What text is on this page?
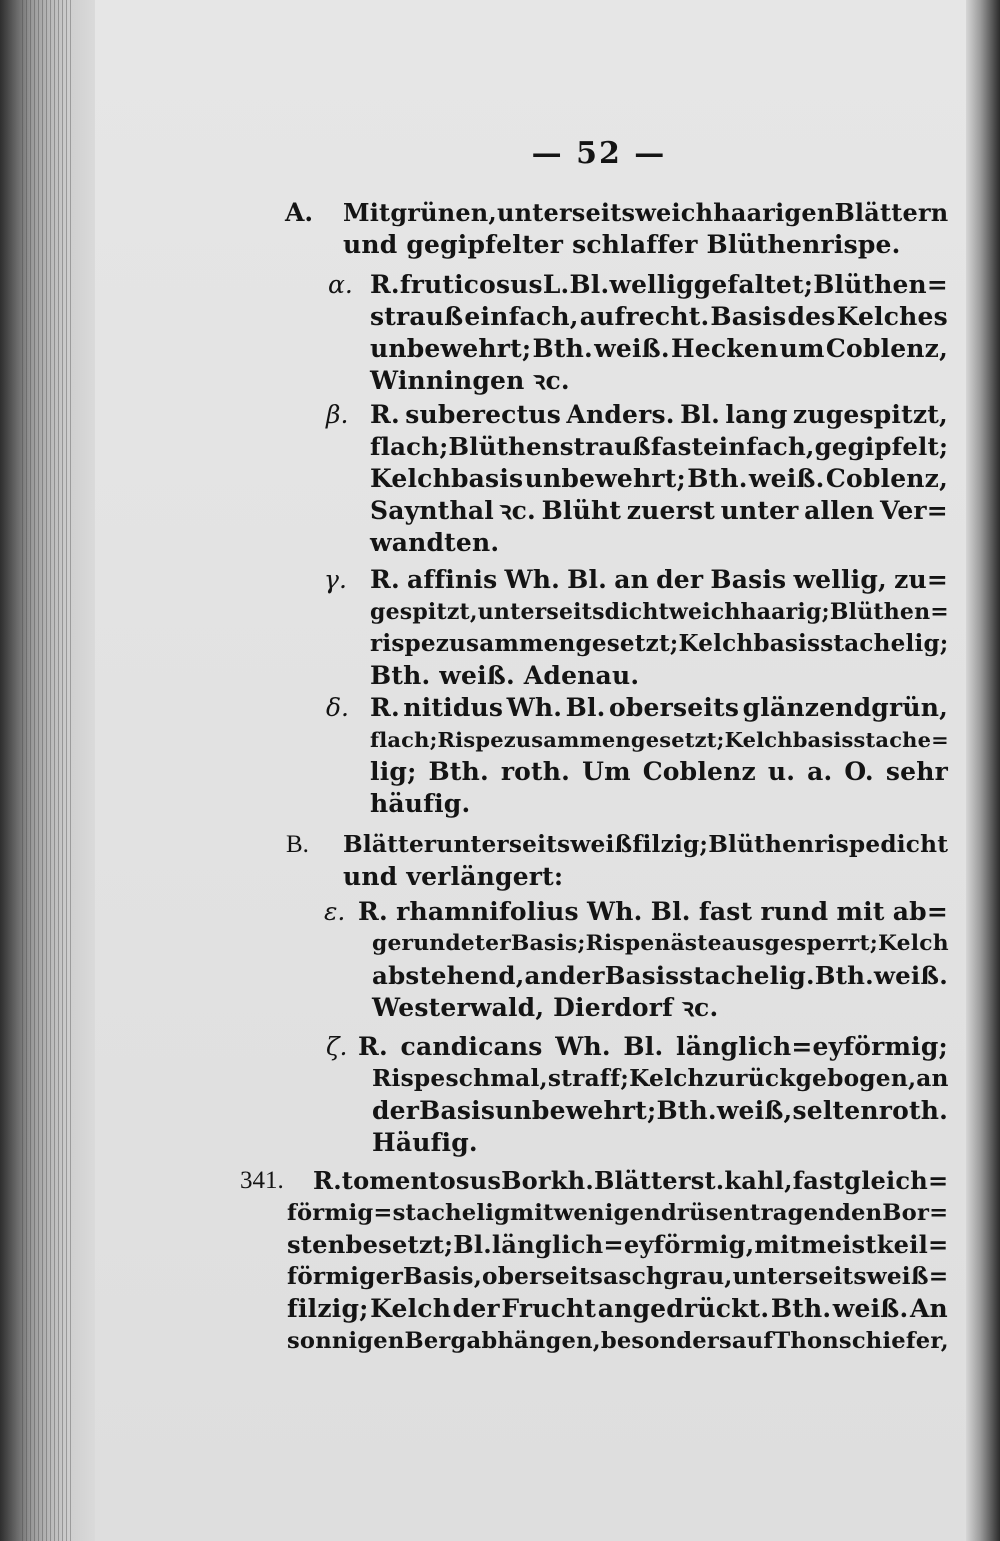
— 52 —
A. Mit grünen, unterseits weichhaarigen Blättern
und gegipfelter schlaffer Blüthenrispe.
α. R. fruticosus L. Bl. welliggefaltet; Blüthen=
strauß einfach, aufrecht. Basis des Kelches
unbewehrt; Bth. weiß. Hecken um Coblenz,
Winningen ꝛc.
β. R. suberectus Anders. Bl. lang zugespitzt,
flach; Blüthenstrauß fast einfach, gegipfelt;
Kelchbasis unbewehrt; Bth. weiß. Coblenz,
Saynthal ꝛc. Blüht zuerst unter allen Ver=
wandten.
γ. R. affinis Wh. Bl. an der Basis wellig, zu=
gespitzt, unterseits dicht weichhaarig; Blüthen=
rispe zusammengesetzt; Kelchbasis stachelig;
Bth. weiß. Adenau.
δ. R. nitidus Wh. Bl. oberseits glänzendgrün,
flach; Rispe zusammengesetzt; Kelchbasis stache=
lig; Bth. roth. Um Coblenz u. a. O. sehr
häufig.
B. Blätter unterseits weißfilzig; Blüthenrispe dicht
und verlängert:
ε. R. rhamnifolius Wh. Bl. fast rund mit ab=
gerundeter Basis; Rispenäste ausgesperrt; Kelch
abstehend, an der Basis stachelig. Bth. weiß.
Westerwald, Dierdorf ꝛc.
ζ. R. candicans Wh. Bl. länglich=eyförmig;
Rispe schmal, straff; Kelch zurückgebogen, an
der Basis unbewehrt; Bth. weiß, selten roth.
Häufig.
341. R. tomentosus Borkh. Blätterst. kahl, fast gleich=
förmig=stachelig mit wenigen drüsentragenden Bor=
sten besetzt; Bl. länglich=eyförmig, mit meist keil=
förmiger Basis, oberseits aschgrau, unterseits weiß=
filzig; Kelch der Frucht angedrückt. Bth. weiß. An
sonnigen Bergabhängen, besonders auf Thonschiefer,
